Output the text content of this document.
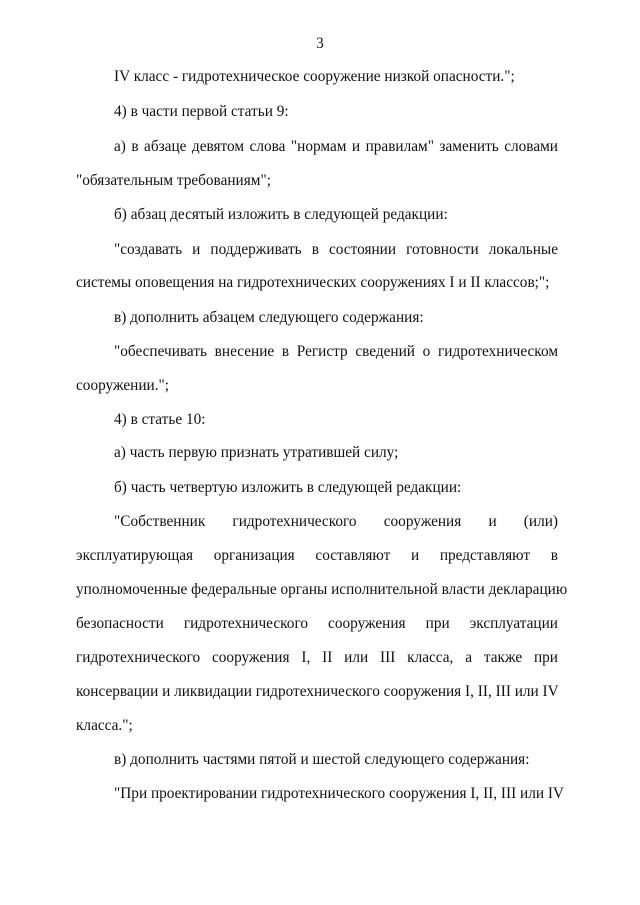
3
IV класс - гидротехническое сооружение низкой опасности.";
4) в части первой статьи 9:
а) в абзаце девятом слова "нормам и правилам" заменить словами
"обязательным требованиям";
б) абзац десятый изложить в следующей редакции:
"создавать и поддерживать в состоянии готовности локальные
системы оповещения на гидротехнических сооружениях I и II классов;";
в) дополнить абзацем следующего содержания:
"обеспечивать внесение в Регистр сведений о гидротехническом
сооружении.";
4) в статье 10:
а) часть первую признать утратившей силу;
б) часть четвертую изложить в следующей редакции:
"Собственник гидротехнического сооружения и (или)
эксплуатирующая организация составляют и представляют в
уполномоченные федеральные органы исполнительной власти декларацию
безопасности гидротехнического сооружения при эксплуатации
гидротехнического сооружения I, II или III класса, а также при
консервации и ликвидации гидротехнического сооружения I, II, III или IV
класса.";
в) дополнить частями пятой и шестой следующего содержания:
"При проектировании гидротехнического сооружения I, II, III или IV
